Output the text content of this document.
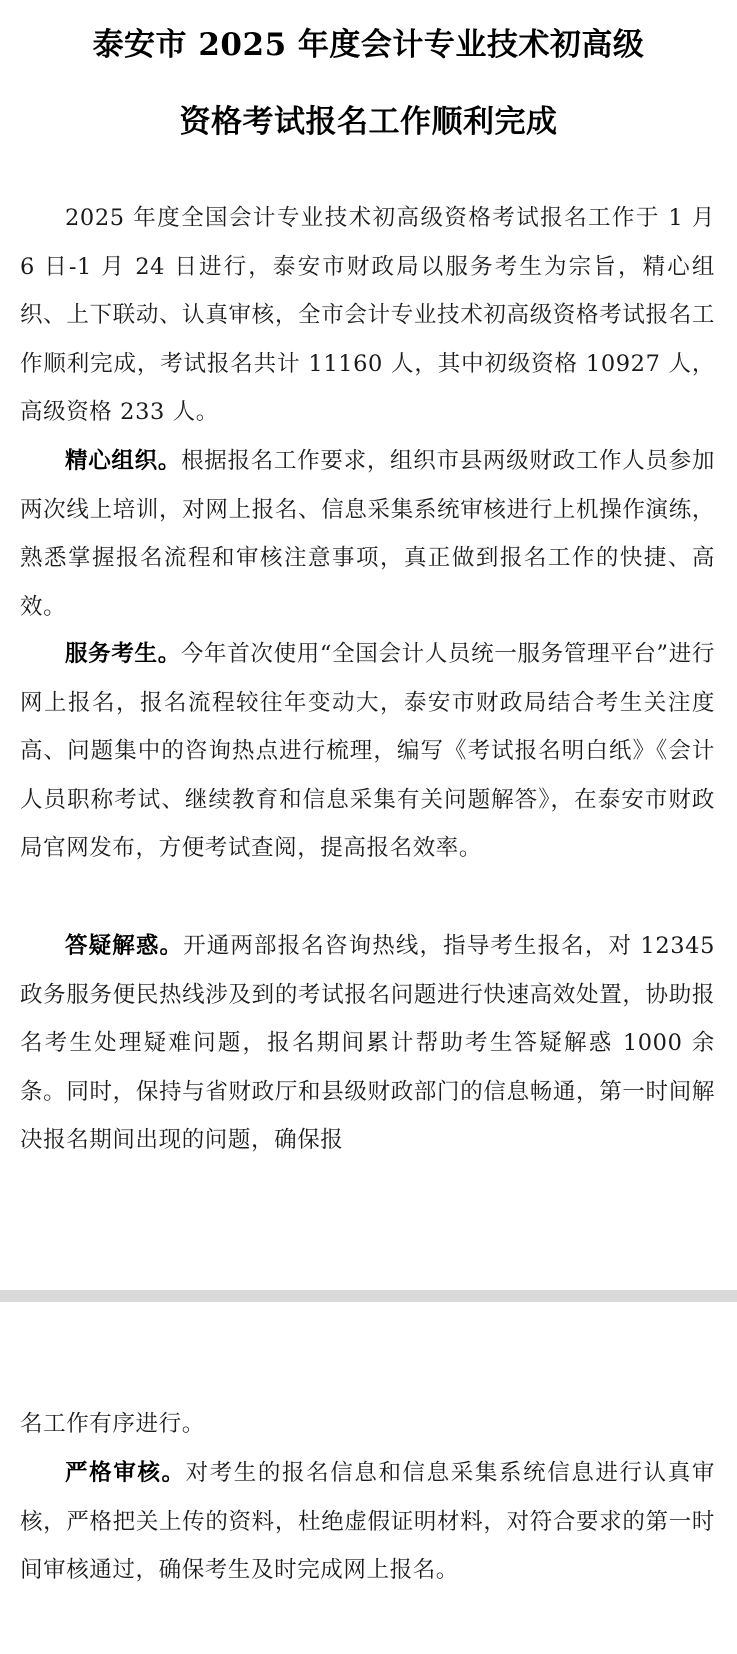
泰安市 2025 年度会计专业技术初高级
资格考试报名工作顺利完成

2025 年度全国会计专业技术初高级资格考试报名工作于 1 月 6 日-1 月 24 日进行，泰安市财政局以服务考生为宗旨，精心组织、上下联动、认真审核，全市会计专业技术初高级资格考试报名工作顺利完成，考试报名共计 11160 人，其中初级资格 10927 人，高级资格 233 人。

精心组织。根据报名工作要求，组织市县两级财政工作人员参加两次线上培训，对网上报名、信息采集系统审核进行上机操作演练，熟悉掌握报名流程和审核注意事项，真正做到报名工作的快捷、高效。

服务考生。今年首次使用“全国会计人员统一服务管理平台”进行网上报名，报名流程较往年变动大，泰安市财政局结合考生关注度高、问题集中的咨询热点进行梳理，编写《考试报名明白纸》《会计人员职称考试、继续教育和信息采集有关问题解答》，在泰安市财政局官网发布，方便考试查阅，提高报名效率。

答疑解惑。开通两部报名咨询热线，指导考生报名，对 12345 政务服务便民热线涉及到的考试报名问题进行快速高效处置，协助报名考生处理疑难问题，报名期间累计帮助考生答疑解惑 1000 余条。同时，保持与省财政厅和县级财政部门的信息畅通，第一时间解决报名期间出现的问题，确保报

名工作有序进行。

严格审核。对考生的报名信息和信息采集系统信息进行认真审核，严格把关上传的资料，杜绝虚假证明材料，对符合要求的第一时间审核通过，确保考生及时完成网上报名。
